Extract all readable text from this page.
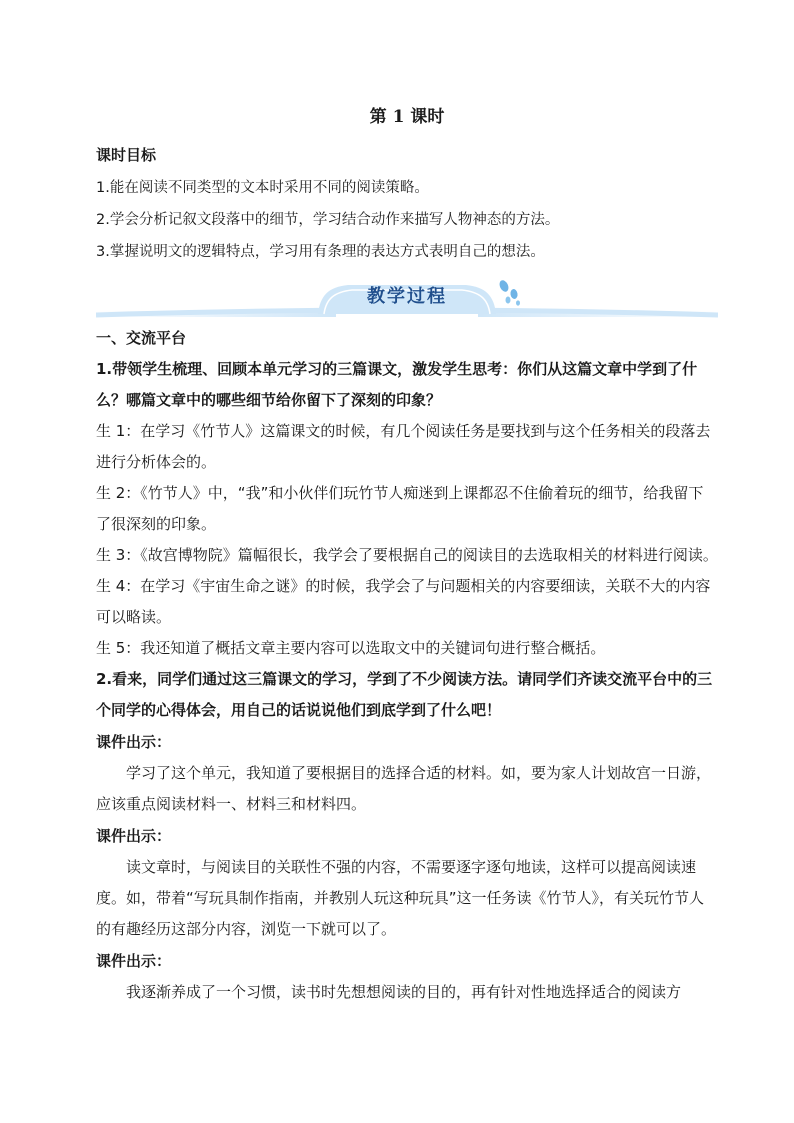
第 1 课时
课时目标

1.能在阅读不同类型的文本时采用不同的阅读策略。

2.学会分析记叙文段落中的细节，学习结合动作来描写人物神态的方法。

3.掌握说明文的逻辑特点，学习用有条理的表达方式表明自己的想法。

教学过程
一、交流平台

1.带领学生梳理、回顾本单元学习的三篇课文，激发学生思考：你们从这篇文章中学到了什么？哪篇文章中的哪些细节给你留下了深刻的印象？

生 1：在学习《竹节人》这篇课文的时候，有几个阅读任务是要找到与这个任务相关的段落去进行分析体会的。

生 2：《竹节人》中，“我”和小伙伴们玩竹节人痴迷到上课都忍不住偷着玩的细节，给我留下了很深刻的印象。

生 3：《故宫博物院》篇幅很长，我学会了要根据自己的阅读目的去选取相关的材料进行阅读。

生 4：在学习《宇宙生命之谜》的时候，我学会了与问题相关的内容要细读，关联不大的内容可以略读。

生 5：我还知道了概括文章主要内容可以选取文中的关键词句进行整合概括。

2.看来，同学们通过这三篇课文的学习，学到了不少阅读方法。请同学们齐读交流平台中的三个同学的心得体会，用自己的话说说他们到底学到了什么吧！

课件出示：

学习了这个单元，我知道了要根据目的选择合适的材料。如，要为家人计划故宫一日游，应该重点阅读材料一、材料三和材料四。

课件出示：

读文章时，与阅读目的关联性不强的内容，不需要逐字逐句地读，这样可以提高阅读速度。如，带着“写玩具制作指南，并教别人玩这种玩具”这一任务读《竹节人》，有关玩竹节人的有趣经历这部分内容，浏览一下就可以了。

课件出示：

我逐渐养成了一个习惯，读书时先想想阅读的目的，再有针对性地选择适合的阅读方
